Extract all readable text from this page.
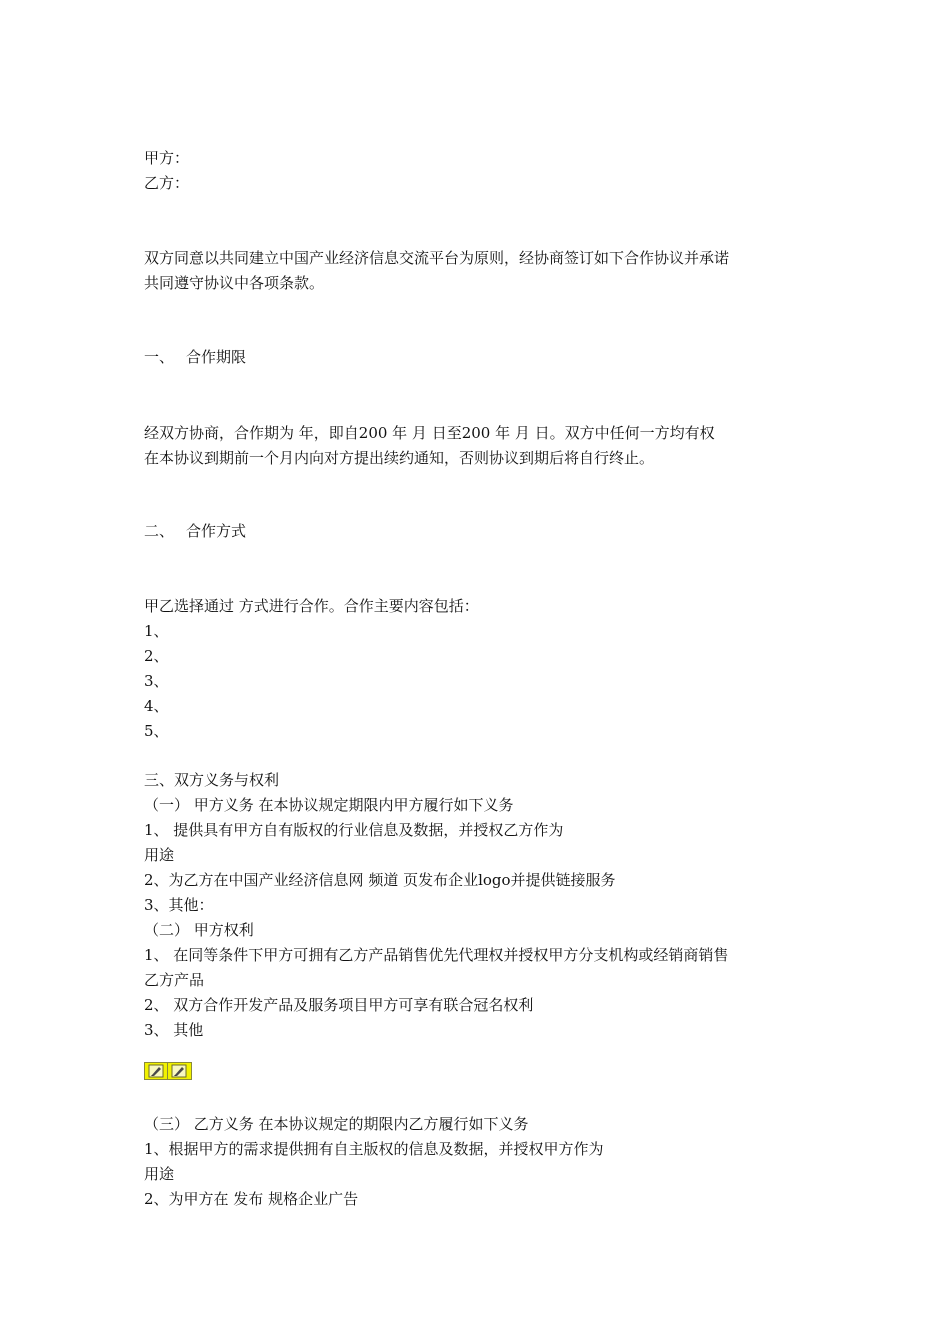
甲方：
乙方：
双方同意以共同建立中国产业经济信息交流平台为原则，经协商签订如下合作协议并承诺
共同遵守协议中各项条款。
一、 合作期限
经双方协商，合作期为 年，即自200 年 月 日至200 年 月 日。双方中任何一方均有权
在本协议到期前一个月内向对方提出续约通知，否则协议到期后将自行终止。
二、 合作方式
甲乙选择通过 方式进行合作。合作主要内容包括：
1、
2、
3、
4、
5、
三、双方义务与权利
（一） 甲方义务 在本协议规定期限内甲方履行如下义务
1、 提供具有甲方自有版权的行业信息及数据，并授权乙方作为
用途
2、为乙方在中国产业经济信息网 频道 页发布企业logo并提供链接服务
3、其他：
（二） 甲方权利
1、 在同等条件下甲方可拥有乙方产品销售优先代理权并授权甲方分支机构或经销商销售
乙方产品
2、 双方合作开发产品及服务项目甲方可享有联合冠名权利
3、 其他
（三） 乙方义务 在本协议规定的期限内乙方履行如下义务
1、根据甲方的需求提供拥有自主版权的信息及数据，并授权甲方作为
用途
2、为甲方在 发布 规格企业广告
